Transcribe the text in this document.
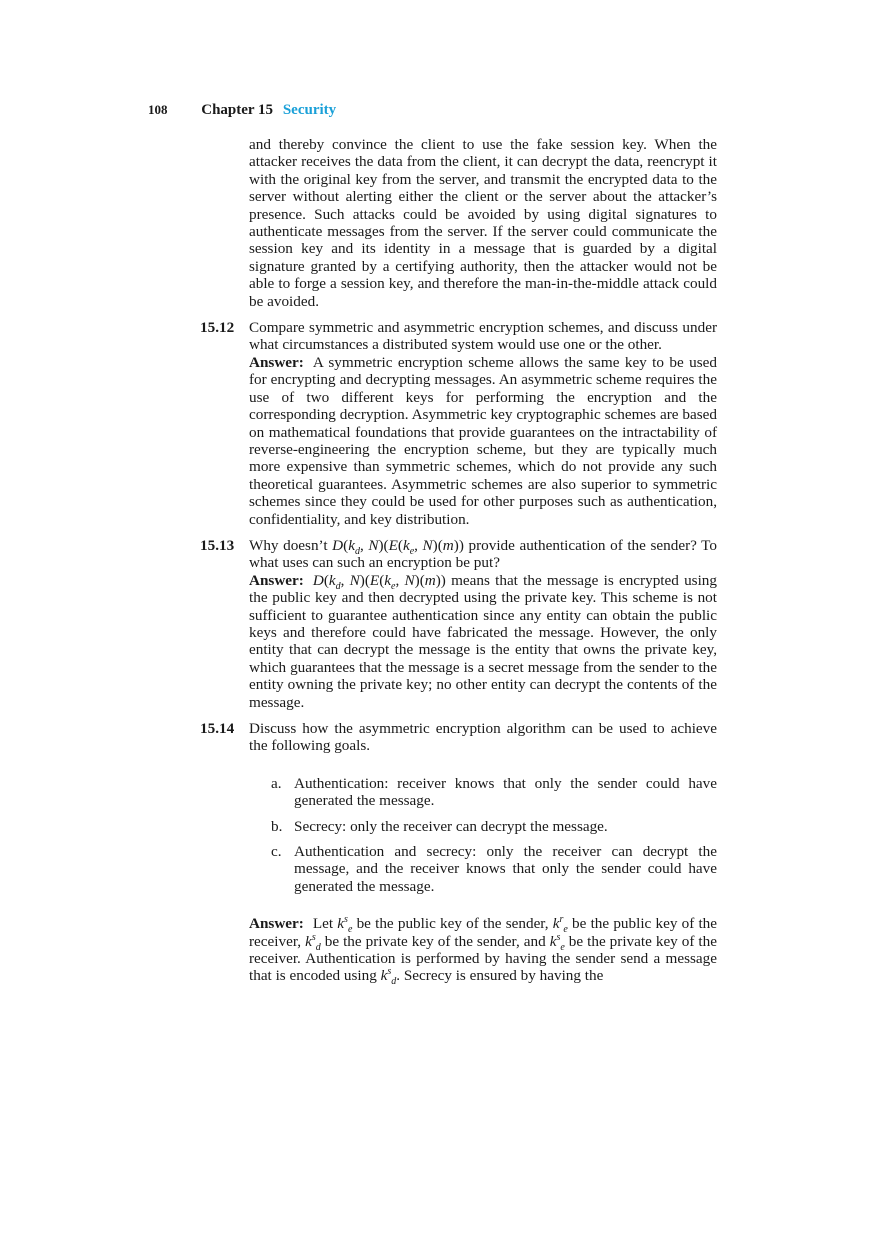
108 Chapter 15 Security

and thereby convince the client to use the fake session key. When the attacker receives the data from the client, it can decrypt the data, reencrypt it with the original key from the server, and transmit the encrypted data to the server without alerting either the client or the server about the attacker’s presence. Such attacks could be avoided by using digital signatures to authenticate messages from the server. If the server could communicate the session key and its identity in a message that is guarded by a digital signature granted by a certifying authority, then the attacker would not be able to forge a session key, and therefore the man-in-the-middle attack could be avoided.

15.12 Compare symmetric and asymmetric encryption schemes, and discuss under what circumstances a distributed system would use one or the other.

Answer: A symmetric encryption scheme allows the same key to be used for encrypting and decrypting messages. An asymmetric scheme requires the use of two different keys for performing the encryption and the corresponding decryption. Asymmetric key cryptographic schemes are based on mathematical foundations that provide guarantees on the intractability of reverse-engineering the encryption scheme, but they are typically much more expensive than symmetric schemes, which do not provide any such theoretical guarantees. Asymmetric schemes are also superior to symmetric schemes since they could be used for other purposes such as authentication, confidentiality, and key distribution.

15.13 Why doesn’t $D(k_d$, $N)(E(k_e$, N)(m)) provide authentication of the sender? To what uses can such an encryption be put?

Answer: $D(k_d$, $N)(E(k_e$, N)(m)) means that the message is encrypted using the public key and then decrypted using the private key. This scheme is not sufficient to guarantee authentication since any entity can obtain the public keys and therefore could have fabricated the message. However, the only entity that can decrypt the message is the entity that owns the private key, which guarantees that the message is a secret message from the sender to the entity owning the private key; no other entity can decrypt the contents of the message.

15.14 Discuss how the asymmetric encryption algorithm can be used to achieve the following goals.

a. Authentication: receiver knows that only the sender could have generated the message.
b. Secrecy: only the receiver can decrypt the message.
c. Authentication and secrecy: only the receiver can decrypt the message, and the receiver knows that only the sender could have generated the message.

Answer: Let $k^s_e$ be the public key of the sender, $k^r_e$ be the public key of the receiver, $k^s_d$ be the private key of the sender, and $k^s_e$ be the private key of the receiver. Authentication is performed by having the sender send a message that is encoded using $k^s_d$. Secrecy is ensured by having the
